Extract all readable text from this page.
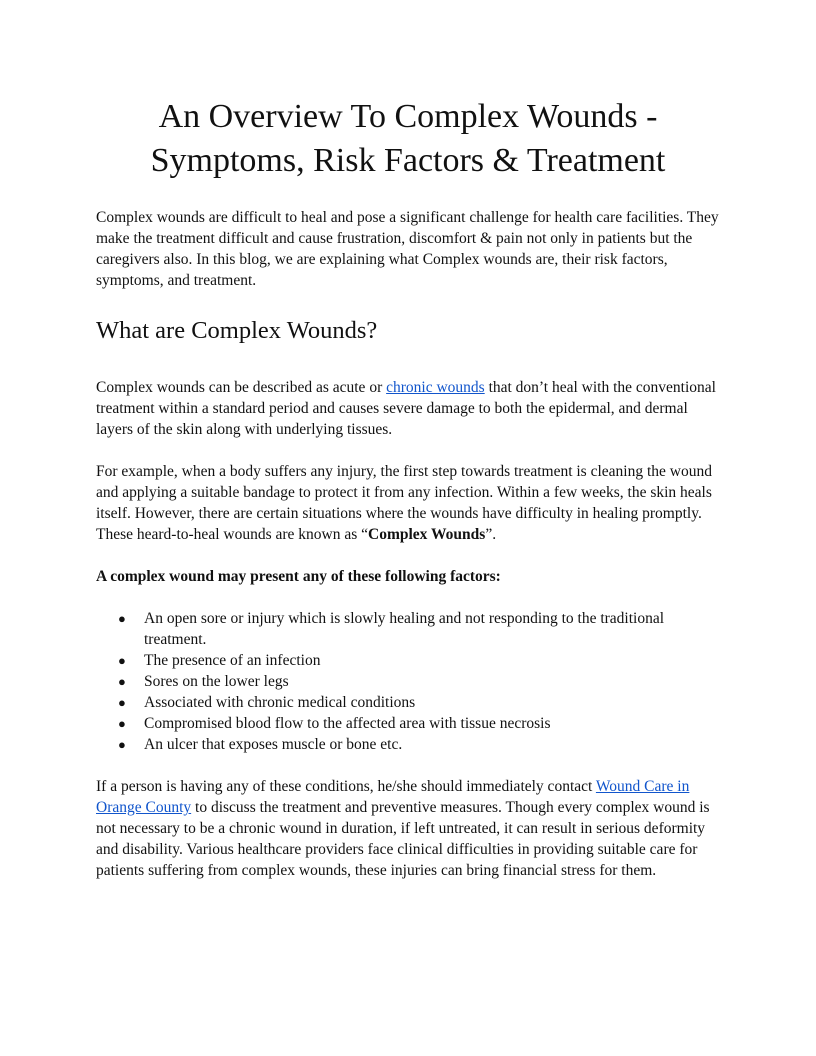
An Overview To Complex Wounds -
Symptoms, Risk Factors & Treatment

Complex wounds are difficult to heal and pose a significant challenge for health care facilities. They make the treatment difficult and cause frustration, discomfort & pain not only in patients but the caregivers also. In this blog, we are explaining what Complex wounds are, their risk factors, symptoms, and treatment.

What are Complex Wounds?

Complex wounds can be described as acute or chronic wounds that don’t heal with the conventional treatment within a standard period and causes severe damage to both the epidermal, and dermal layers of the skin along with underlying tissues.

For example, when a body suffers any injury, the first step towards treatment is cleaning the wound and applying a suitable bandage to protect it from any infection. Within a few weeks, the skin heals itself. However, there are certain situations where the wounds have difficulty in healing promptly. These heard-to-heal wounds are known as “Complex Wounds”.

A complex wound may present any of these following factors:

● An open sore or injury which is slowly healing and not responding to the traditional treatment.
● The presence of an infection
● Sores on the lower legs
● Associated with chronic medical conditions
● Compromised blood flow to the affected area with tissue necrosis
● An ulcer that exposes muscle or bone etc.

If a person is having any of these conditions, he/she should immediately contact Wound Care in Orange County to discuss the treatment and preventive measures. Though every complex wound is not necessary to be a chronic wound in duration, if left untreated, it can result in serious deformity and disability. Various healthcare providers face clinical difficulties in providing suitable care for patients suffering from complex wounds, these injuries can bring financial stress for them.
